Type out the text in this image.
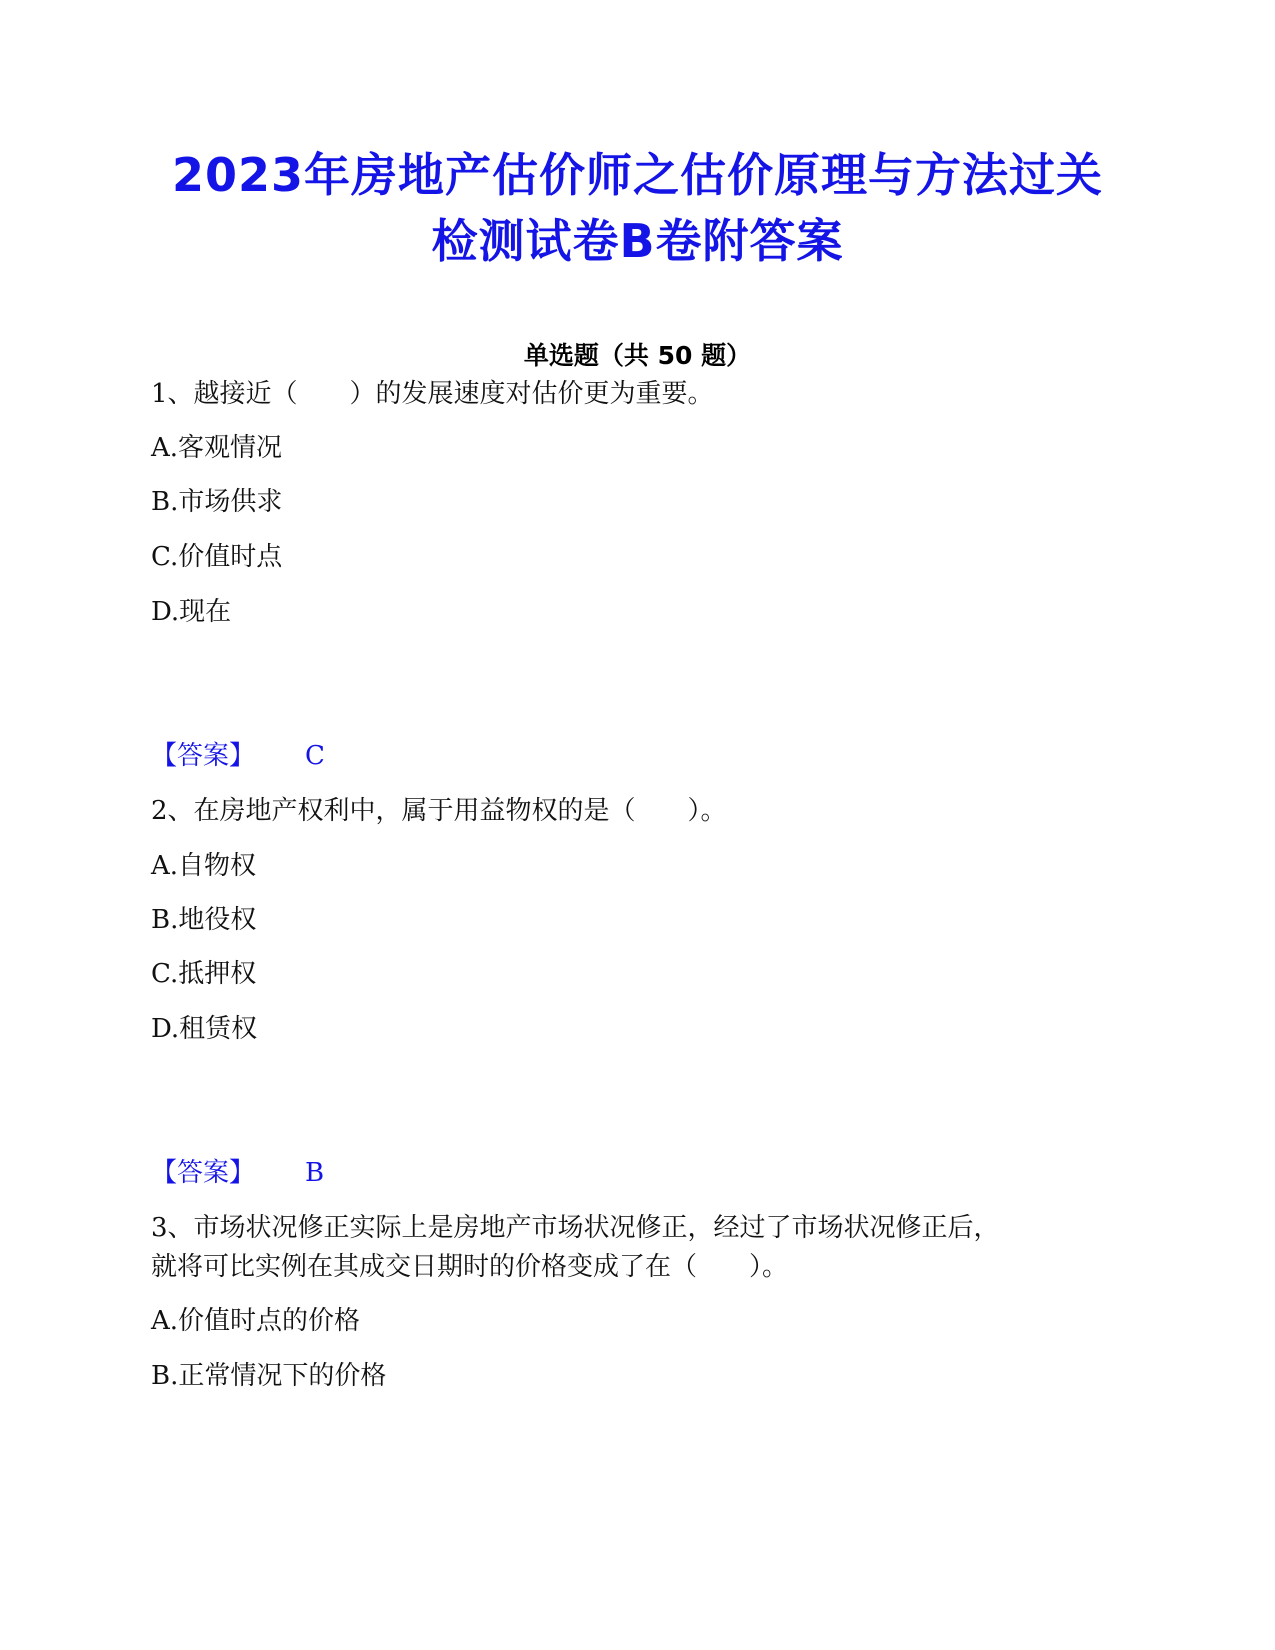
2023年房地产估价师之估价原理与方法过关
检测试卷B卷附答案
单选题（共 50 题）
1、越接近（　　）的发展速度对估价更为重要。
A.客观情况
B.市场供求
C.价值时点
D.现在
【答案】 C
2、在房地产权利中，属于用益物权的是（　　）。
A.自物权
B.地役权
C.抵押权
D.租赁权
【答案】 B
3、市场状况修正实际上是房地产市场状况修正，经过了市场状况修正后，
就将可比实例在其成交日期时的价格变成了在（　　）。
A.价值时点的价格
B.正常情况下的价格
